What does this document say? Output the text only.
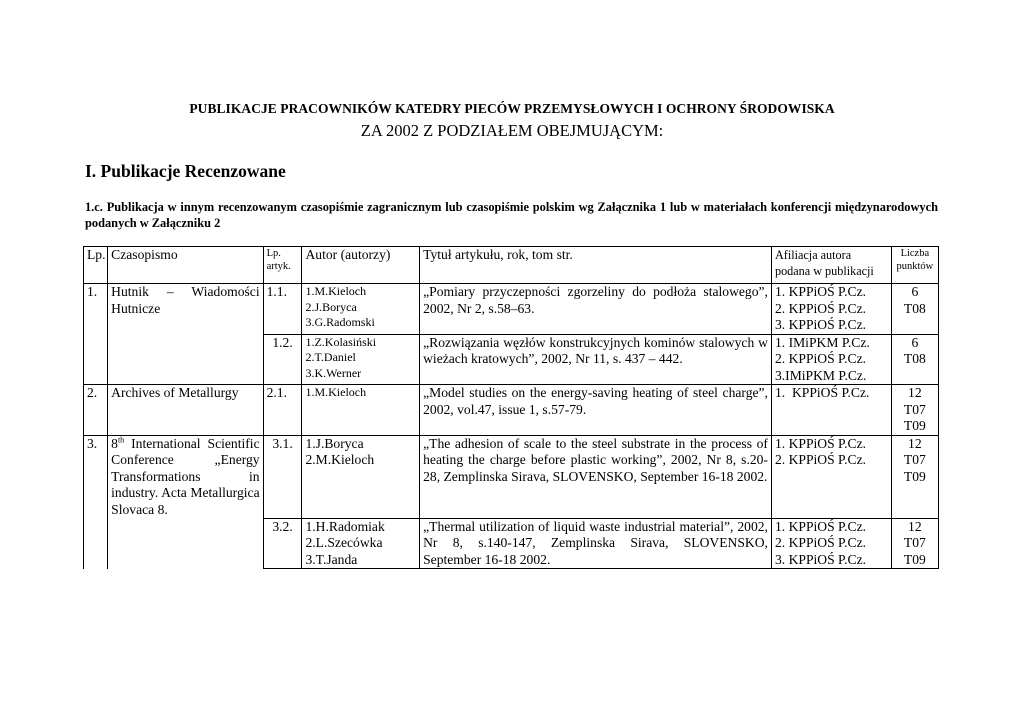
PUBLIKACJE PRACOWNIKÓW KATEDRY PIECÓW PRZEMYSŁOWYCH I OCHRONY ŚRODOWISKA
ZA 2002 Z PODZIAŁEM OBEJMUJĄCYM:
I. Publikacje Recenzowane
1.c. Publikacja w innym recenzowanym czasopiśmie zagranicznym lub czasopiśmie polskim wg Załącznika 1 lub w materiałach konferencji międzynarodowych podanych w Załączniku 2
Lp.	Czasopismo	Lp. artyk.	Autor (autorzy)	Tytuł artykułu, rok, tom str.	Afiliacja autora podana w publikacji	Liczba punktów
1.	Hutnik – Wiadomości Hutnicze	1.1.	1.M.Kieloch
2.J.Boryca
3.G.Radomski	„Pomiary przyczepności zgorzeliny do podłoża stalowego”, 2002, Nr 2, s.58–63.	1. KPPiOŚ P.Cz.
2. KPPiOŚ P.Cz.
3. KPPiOŚ P.Cz.	6
T08

		1.2.	1.Z.Kolasiński
2.T.Daniel
3.K.Werner	„Rozwiązania węzłów konstrukcyjnych kominów stalowych w wieżach kratowych”, 2002, Nr 11, s. 437 – 442.	1. IMiPKM P.Cz.
2. KPPiOŚ P.Cz.
3.IMiPKM P.Cz.	6
T08

2.	Archives of Metallurgy	2.1.	1.M.Kieloch	„Model studies on the energy-saving heating of steel charge”, 2002, vol.47, issue 1, s.57-79.	1.  KPPiOŚ P.Cz.	12
T07
T09

3.	8th International Scientific Conference „Energy Transformations in industry. Acta Metallurgica Slovaca 8.	3.1.	1.J.Boryca
2.M.Kieloch	„The adhesion of scale to the steel substrate in the process of heating the charge before plastic working”, 2002, Nr 8, s.20-28, Zemplinska Sirava, SLOVENSKO, September 16-18 2002.	1. KPPiOŚ P.Cz.
2. KPPiOŚ P.Cz.	12
T07
T09

		3.2.	1.H.Radomiak
2.L.Szecówka
3.T.Janda	„Thermal utilization of liquid waste industrial material”, 2002, Nr 8, s.140-147, Zemplinska Sirava, SLOVENSKO, September 16-18 2002.	1. KPPiOŚ P.Cz.
2. KPPiOŚ P.Cz.
3. KPPiOŚ P.Cz.	12
T07
T09
